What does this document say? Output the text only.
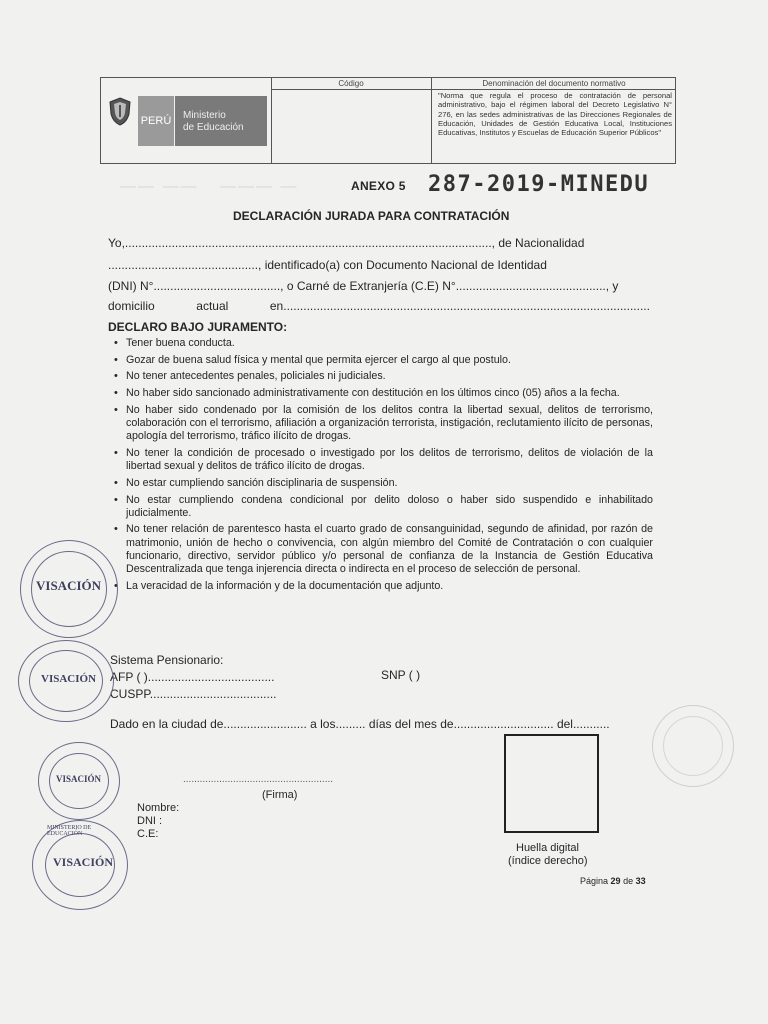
—— —— ——— —
PERÚ Ministerio
de Educación
Código	Denominación del documento normativo
"Norma que regula el proceso de contratación de personal administrativo, bajo el régimen laboral del Decreto Legislativo N° 276, en las sedes administrativas de las Direcciones Regionales de Educación, Unidades de Gestión Educativa Local, Instituciones Educativas, Institutos y Escuelas de Educación Superior Públicos"
ANEXO 5 287-2019-MINEDU
DECLARACIÓN JURADA PARA CONTRATACIÓN
Yo,.............................................................................................................., de Nacionalidad
............................................., identificado(a) con Documento Nacional de Identidad
(DNI) N°......................................, o Carné de Extranjería (C.E) N°............................................., y
domicilio	actual	en..............................................................................................................
DECLARO BAJO JURAMENTO:
• Tener buena conducta.
• Gozar de buena salud física y mental que permita ejercer el cargo al que postulo.
• No tener antecedentes penales, policiales ni judiciales.
• No haber sido sancionado administrativamente con destitución en los últimos cinco (05) años a la fecha.
• No haber sido condenado por la comisión de los delitos contra la libertad sexual, delitos de terrorismo, colaboración con el terrorismo, afiliación a organización terrorista, instigación, reclutamiento ilícito de personas, apología del terrorismo, tráfico ilícito de drogas.
• No tener la condición de procesado o investigado por los delitos de terrorismo, delitos de violación de la libertad sexual y delitos de tráfico ilícito de drogas.
• No estar cumpliendo sanción disciplinaria de suspensión.
• No estar cumpliendo condena condicional por delito doloso o haber sido suspendido e inhabilitado judicialmente.
• No tener relación de parentesco hasta el cuarto grado de consanguinidad, segundo de afinidad, por razón de matrimonio, unión de hecho o convivencia, con algún miembro del Comité de Contratación o con cualquier funcionario, directivo, servidor público y/o personal de confianza de la Instancia de Gestión Educativa Descentralizada que tenga injerencia directa o indirecta en el proceso de selección de personal.
• La veracidad de la información y de la documentación que adjunto.
Sistema Pensionario:
AFP ( )......................................	SNP ( )
CUSPP......................................
Dado en la ciudad de......................... a los......... días del mes de.............................. del...........
......................................................
(Firma)
Nombre:
DNI :
C.E:
Huella digital
(índice derecho)
Página 29 de 33
VISACIÓN
VISACIÓN
VISACIÓN
VISACIÓN
MINISTERIO DE EDUCACIÓN
